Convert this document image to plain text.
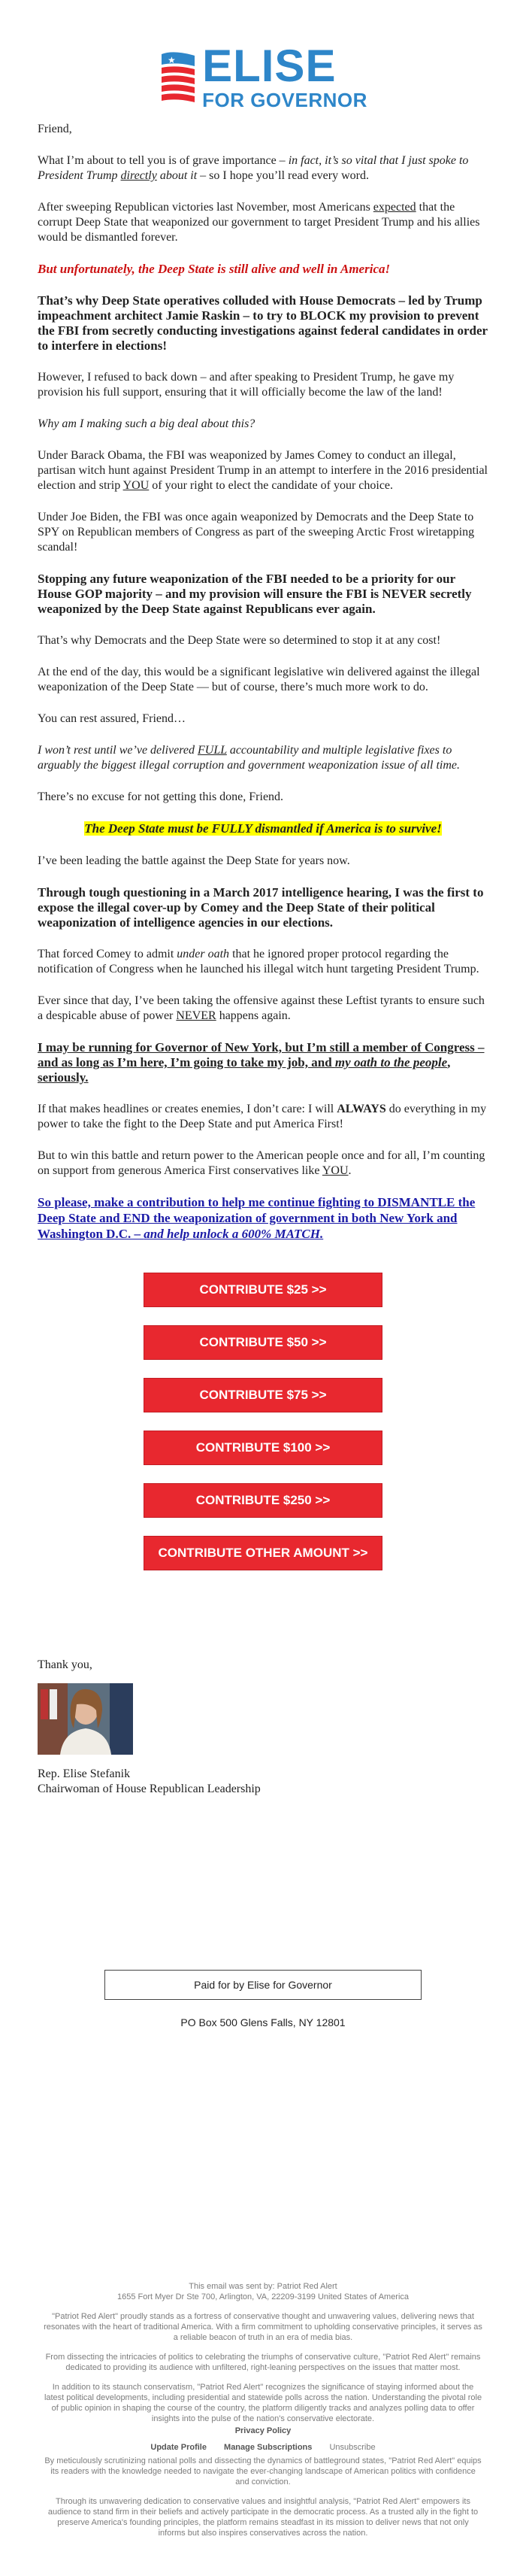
★ ELISE
FOR GOVERNOR

Friend,

What I’m about to tell you is of grave importance – in fact, it’s so vital that I just spoke to President Trump directly about it – so I hope you’ll read every word.

After sweeping Republican victories last November, most Americans expected that the corrupt Deep State that weaponized our government to target President Trump and his allies would be dismantled forever.

But unfortunately, the Deep State is still alive and well in America!

That’s why Deep State operatives colluded with House Democrats – led by Trump impeachment architect Jamie Raskin – to try to BLOCK my provision to prevent the FBI from secretly conducting investigations against federal candidates in order to interfere in elections!

However, I refused to back down – and after speaking to President Trump, he gave my provision his full support, ensuring that it will officially become the law of the land!

Why am I making such a big deal about this?

Under Barack Obama, the FBI was weaponized by James Comey to conduct an illegal, partisan witch hunt against President Trump in an attempt to interfere in the 2016 presidential election and strip YOU of your right to elect the candidate of your choice.

Under Joe Biden, the FBI was once again weaponized by Democrats and the Deep State to SPY on Republican members of Congress as part of the sweeping Arctic Frost wiretapping scandal!

Stopping any future weaponization of the FBI needed to be a priority for our House GOP majority – and my provision will ensure the FBI is NEVER secretly weaponized by the Deep State against Republicans ever again.

That’s why Democrats and the Deep State were so determined to stop it at any cost!

At the end of the day, this would be a significant legislative win delivered against the illegal weaponization of the Deep State — but of course, there’s much more work to do.

You can rest assured, Friend…

I won’t rest until we’ve delivered FULL accountability and multiple legislative fixes to arguably the biggest illegal corruption and government weaponization issue of all time.

There’s no excuse for not getting this done, Friend.

The Deep State must be FULLY dismantled if America is to survive!

I’ve been leading the battle against the Deep State for years now.

Through tough questioning in a March 2017 intelligence hearing, I was the first to expose the illegal cover-up by Comey and the Deep State of their political weaponization of intelligence agencies in our elections.

That forced Comey to admit under oath that he ignored proper protocol regarding the notification of Congress when he launched his illegal witch hunt targeting President Trump.

Ever since that day, I’ve been taking the offensive against these Leftist tyrants to ensure such a despicable abuse of power NEVER happens again.

I may be running for Governor of New York, but I’m still a member of Congress – and as long as I’m here, I’m going to take my job, and my oath to the people, seriously.

If that makes headlines or creates enemies, I don’t care: I will ALWAYS do everything in my power to take the fight to the Deep State and put America First!

But to win this battle and return power to the American people once and for all, I’m counting on support from generous America First conservatives like YOU.

So please, make a contribution to help me continue fighting to DISMANTLE the Deep State and END the weaponization of government in both New York and Washington D.C. – and help unlock a 600% MATCH.

CONTRIBUTE $25 >>
CONTRIBUTE $50 >>
CONTRIBUTE $75 >>
CONTRIBUTE $100 >>
CONTRIBUTE $250 >>
CONTRIBUTE OTHER AMOUNT >>
Thank you,
Rep. Elise Stefanik
Chairwoman of House Republican Leadership
Paid for by Elise for Governor
PO Box 500 Glens Falls, NY 12801
This email was sent by: Patriot Red Alert

1655 Fort Myer Dr Ste 700, Arlington, VA, 22209-3199 United States of America

"Patriot Red Alert" proudly stands as a fortress of conservative thought and unwavering values, delivering news that resonates with the heart of traditional America. With a firm commitment to upholding conservative principles, it serves as a reliable beacon of truth in an era of media bias.

From dissecting the intricacies of politics to celebrating the triumphs of conservative culture, "Patriot Red Alert" remains dedicated to providing its audience with unfiltered, right-leaning perspectives on the issues that matter most.

In addition to its staunch conservatism, "Patriot Red Alert" recognizes the significance of staying informed about the latest political developments, including presidential and statewide polls across the nation. Understanding the pivotal role of public opinion in shaping the course of the country, the platform diligently tracks and analyzes polling data to offer insights into the pulse of the nation's conservative electorate.

Privacy Policy
Update Profile Manage Subscriptions Unsubscribe

By meticulously scrutinizing national polls and dissecting the dynamics of battleground states, "Patriot Red Alert" equips its readers with the knowledge needed to navigate the ever-changing landscape of American politics with confidence and conviction.

Through its unwavering dedication to conservative values and insightful analysis, "Patriot Red Alert" empowers its audience to stand firm in their beliefs and actively participate in the democratic process. As a trusted ally in the fight to preserve America's founding principles, the platform remains steadfast in its mission to deliver news that not only informs but also inspires conservatives across the nation.
